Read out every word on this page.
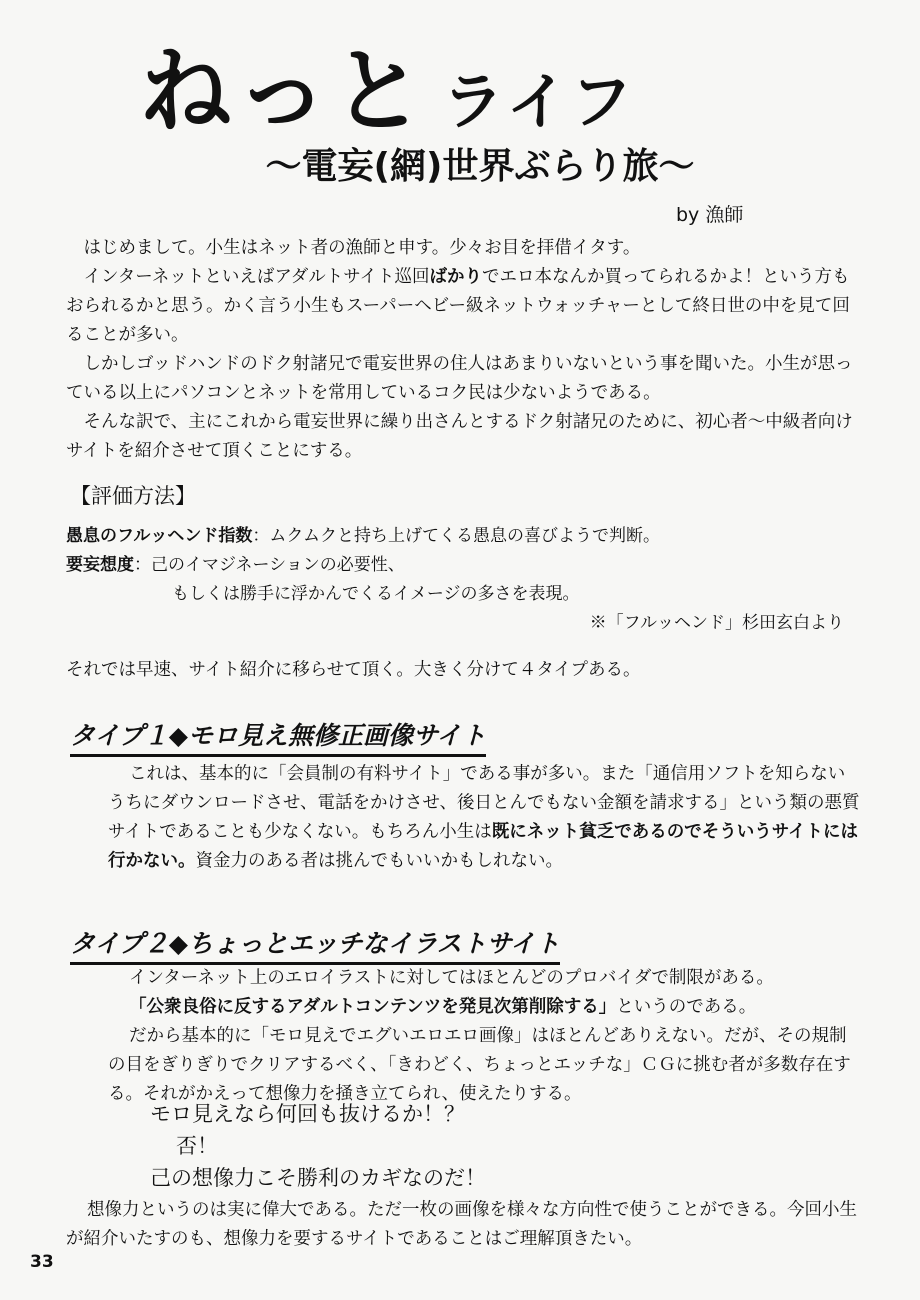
ねっと ライフ
～電妄(網)世界ぶらり旅～
by 漁師

はじめまして。小生はネット者の漁師と申す。少々お目を拝借イタす。

インターネットといえばアダルトサイト巡回ばかりでエロ本なんか買ってられるかよ！という方もおられるかと思う。かく言う小生もスーパーヘビー級ネットウォッチャーとして終日世の中を見て回ることが多い。

しかしゴッドハンドのドク射諸兄で電妄世界の住人はあまりいないという事を聞いた。小生が思っている以上にパソコンとネットを常用しているコク民は少ないようである。

そんな訳で、主にこれから電妄世界に繰り出さんとするドク射諸兄のために、初心者～中級者向けサイトを紹介させて頂くことにする。

【評価方法】
愚息のフルッヘンド指数：ムクムクと持ち上げてくる愚息の喜びようで判断。
要妄想度：己のイマジネーションの必要性、
もしくは勝手に浮かんでくるイメージの多さを表現。
※「フルッヘンド」杉田玄白より

それでは早速、サイト紹介に移らせて頂く。大きく分けて４タイプある。

タイプ１◆モロ見え無修正画像サイト

これは、基本的に「会員制の有料サイト」である事が多い。また「通信用ソフトを知らないうちにダウンロードさせ、電話をかけさせ、後日とんでもない金額を請求する」という類の悪質サイトであることも少なくない。もちろん小生は既にネット貧乏であるのでそういうサイトには行かない。資金力のある者は挑んでもいいかもしれない。

タイプ２◆ちょっとエッチなイラストサイト

インターネット上のエロイラストに対してはほとんどのプロバイダで制限がある。

「公衆良俗に反するアダルトコンテンツを発見次第削除する」というのである。

だから基本的に「モロ見えでエグいエロエロ画像」はほとんどありえない。だが、その規制の目をぎりぎりでクリアするべく、「きわどく、ちょっとエッチな」ＣＧに挑む者が多数存在する。それがかえって想像力を掻き立てられ、使えたりする。

モロ見えなら何回も抜けるか！？
否！
己の想像力こそ勝利のカギなのだ！

想像力というのは実に偉大である。ただ一枚の画像を様々な方向性で使うことができる。今回小生が紹介いたすのも、想像力を要するサイトであることはご理解頂きたい。

33
